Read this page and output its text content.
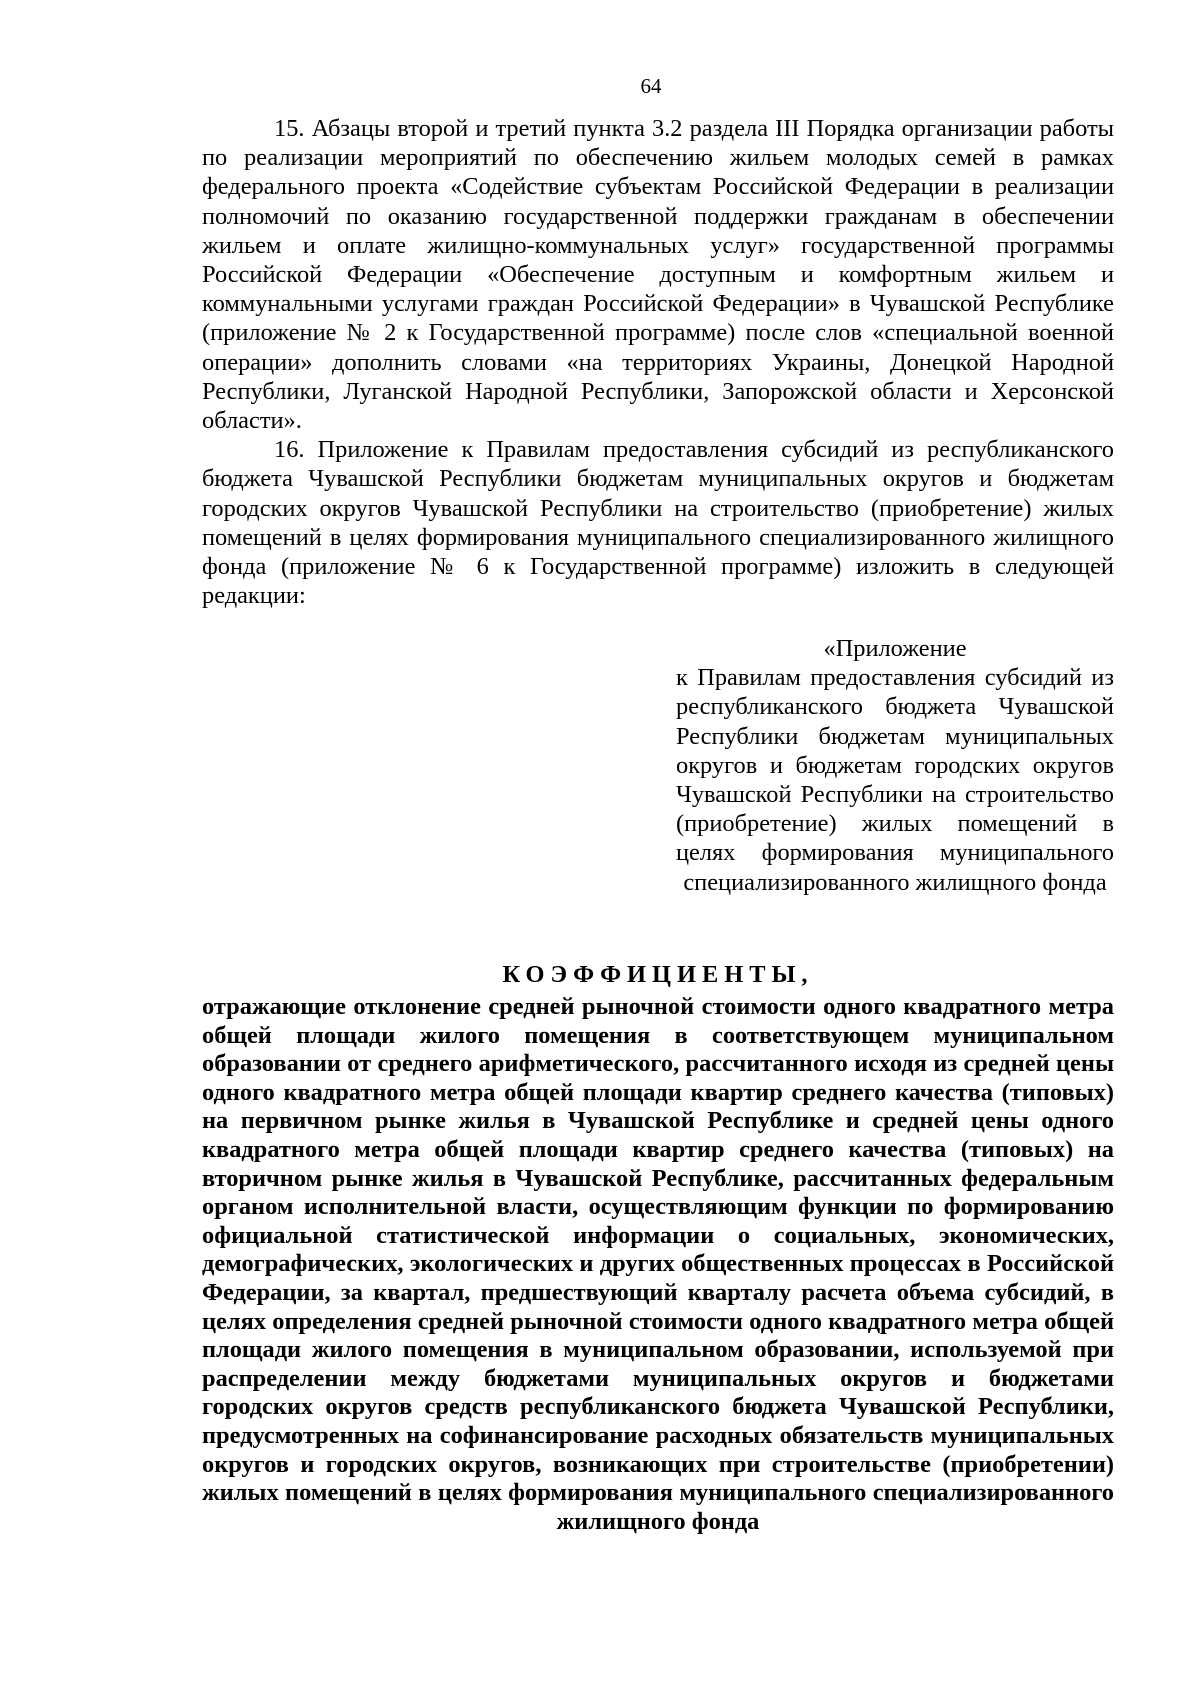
64

15. Абзацы второй и третий пункта 3.2 раздела III Порядка организации работы по реализации мероприятий по обеспечению жильем молодых семей в рамках федерального проекта «Содействие субъектам Российской Федерации в реализации полномочий по оказанию государственной поддержки гражданам в обеспечении жильем и оплате жилищно-коммунальных услуг» государственной программы Российской Федерации «Обеспечение доступным и комфортным жильем и коммунальными услугами граждан Российской Федерации» в Чувашской Республике (приложение № 2 к Государственной программе) после слов «специальной военной операции» дополнить словами «на территориях Украины, Донецкой Народной Республики, Луганской Народной Республики, Запорожской области и Херсонской области».

16. Приложение к Правилам предоставления субсидий из республиканского бюджета Чувашской Республики бюджетам муниципальных округов и бюджетам городских округов Чувашской Республики на строительство (приобретение) жилых помещений в целях формирования муниципального специализированного жилищного фонда (приложение № 6 к Государственной программе) изложить в следующей редакции:

«Приложение

к Правилам предоставления субсидий из республиканского бюджета Чувашской Республики бюджетам муниципальных округов и бюджетам городских округов Чувашской Республики на строительство (приобретение) жилых помещений в целях формирования муниципального специализированного жилищного фонда

КОЭФФИЦИЕНТЫ,

отражающие отклонение средней рыночной стоимости одного квадратного метра общей площади жилого помещения в соответствующем муниципальном образовании от среднего арифметического, рассчитанного исходя из средней цены одного квадратного метра общей площади квартир среднего качества (типовых) на первичном рынке жилья в Чувашской Республике и средней цены одного квадратного метра общей площади квартир среднего качества (типовых) на вторичном рынке жилья в Чувашской Республике, рассчитанных федеральным органом исполнительной власти, осуществляющим функции по формированию официальной статистической информации о социальных, экономических, демографических, экологических и других общественных процессах в Российской Федерации, за квартал, предшествующий кварталу расчета объема субсидий, в целях определения средней рыночной стоимости одного квадратного метра общей площади жилого помещения в муниципальном образовании, используемой при распределении между бюджетами муниципальных округов и бюджетами городских округов средств республиканского бюджета Чувашской Республики, предусмотренных на софинансирование расходных обязательств муниципальных округов и городских округов, возникающих при строительстве (приобретении) жилых помещений в целях формирования муниципального специализированного жилищного фонда
